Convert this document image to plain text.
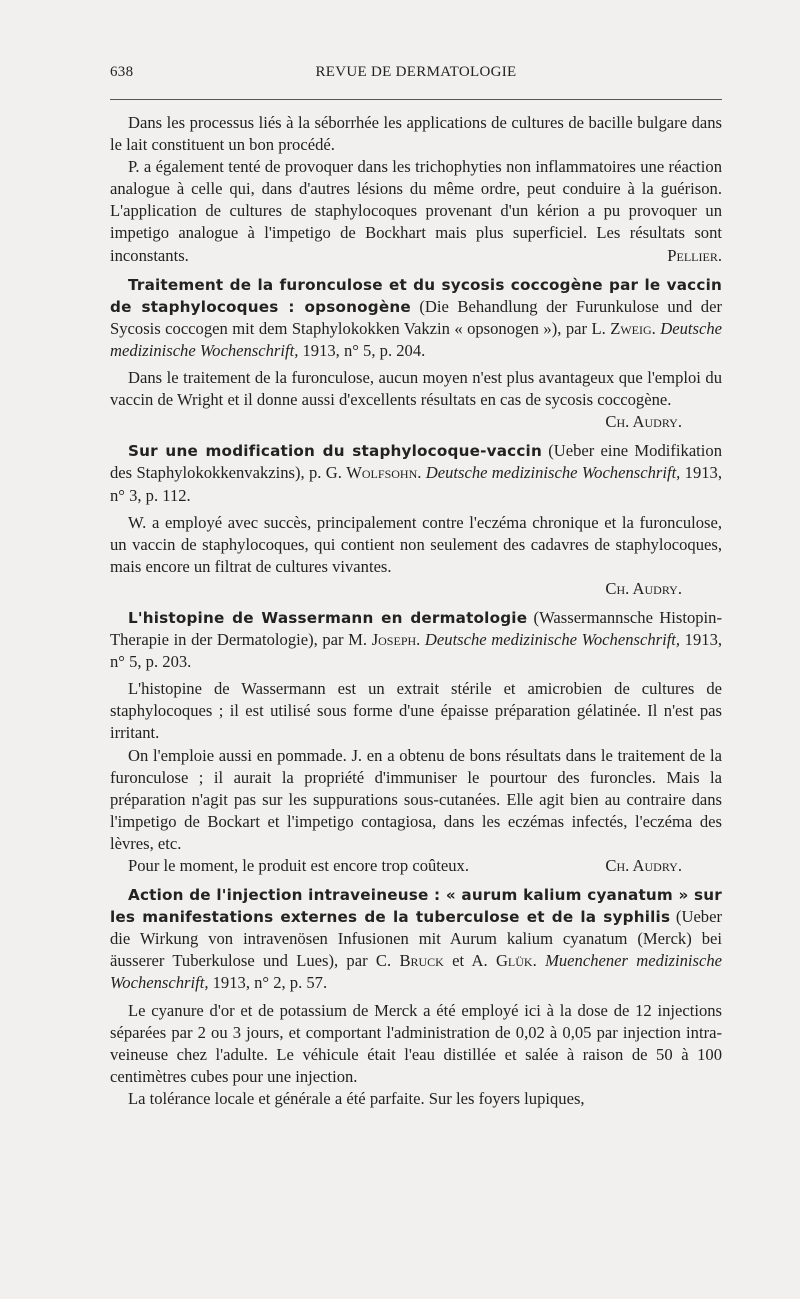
638	REVUE DE DERMATOLOGIE

Dans les processus liés à la séborrhée les applications de cultures de bacille bulgare dans le lait constituent un bon procédé.

P. a également tenté de provoquer dans les trichophyties non inflammatoires une réaction analogue à celle qui, dans d'autres lésions du même ordre, peut conduire à la guérison. L'application de cultures de staphylocoques provenant d'un kérion a pu provoquer un impetigo analogue à l'impetigo de Bockhart mais plus superficiel. Les résultats sont inconstants.	Pellier.

Traitement de la furonculose et du sycosis coccogène par le vaccin de staphylocoques : opsonogène (Die Behandlung der Furunkulose und der Sycosis coccogen mit dem Staphylokokken Vakzin « opsonogen »), par L. Zweig. Deutsche medizinische Wochenschrift, 1913, n° 5, p. 204.

Dans le traitement de la furonculose, aucun moyen n'est plus avantageux que l'emploi du vaccin de Wright et il donne aussi d'excellents résultats en cas de sycosis coccogène.

Ch. Audry.

Sur une modification du staphylocoque-vaccin (Ueber eine Modifikation des Staphylokokkenvakzins), p. G. Wolfsohn. Deutsche medizinische Wochenschrift, 1913, n° 3, p. 112.

W. a employé avec succès, principalement contre l'eczéma chronique et la furonculose, un vaccin de staphylocoques, qui contient non seulement des cadavres de staphylocoques, mais encore un filtrat de cultures vivantes.

Ch. Audry.

L'histopine de Wassermann en dermatologie (Wassermannsche Histopin-Therapie in der Dermatologie), par M. Joseph. Deutsche medizinische Wochenschrift, 1913, n° 5, p. 203.

L'histopine de Wassermann est un extrait stérile et amicrobien de cultures de staphylocoques ; il est utilisé sous forme d'une épaisse préparation gélatinée. Il n'est pas irritant.

On l'emploie aussi en pommade. J. en a obtenu de bons résultats dans le traitement de la furonculose ; il aurait la propriété d'immuniser le pourtour des furoncles. Mais la préparation n'agit pas sur les suppurations sous-cutanées. Elle agit bien au contraire dans l'impetigo de Bockart et l'impetigo contagiosa, dans les eczémas infectés, l'eczéma des lèvres, etc.

Pour le moment, le produit est encore trop coûteux.	Ch. Audry.

Action de l'injection intraveineuse : « aurum kalium cyanatum » sur les manifestations externes de la tuberculose et de la syphilis (Ueber die Wirkung von intravenösen Infusionen mit Aurum kalium cyanatum (Merck) bei äusserer Tuberkulose und Lues), par C. Bruck et A. Glük. Muenchener medizinische Wochenschrift, 1913, n° 2, p. 57.

Le cyanure d'or et de potassium de Merck a été employé ici à la dose de 12 injections séparées par 2 ou 3 jours, et comportant l'administration de 0,02 à 0,05 par injection intra-veineuse chez l'adulte. Le véhicule était l'eau distillée et salée à raison de 50 à 100 centimètres cubes pour une injection.

La tolérance locale et générale a été parfaite. Sur les foyers lupiques,
